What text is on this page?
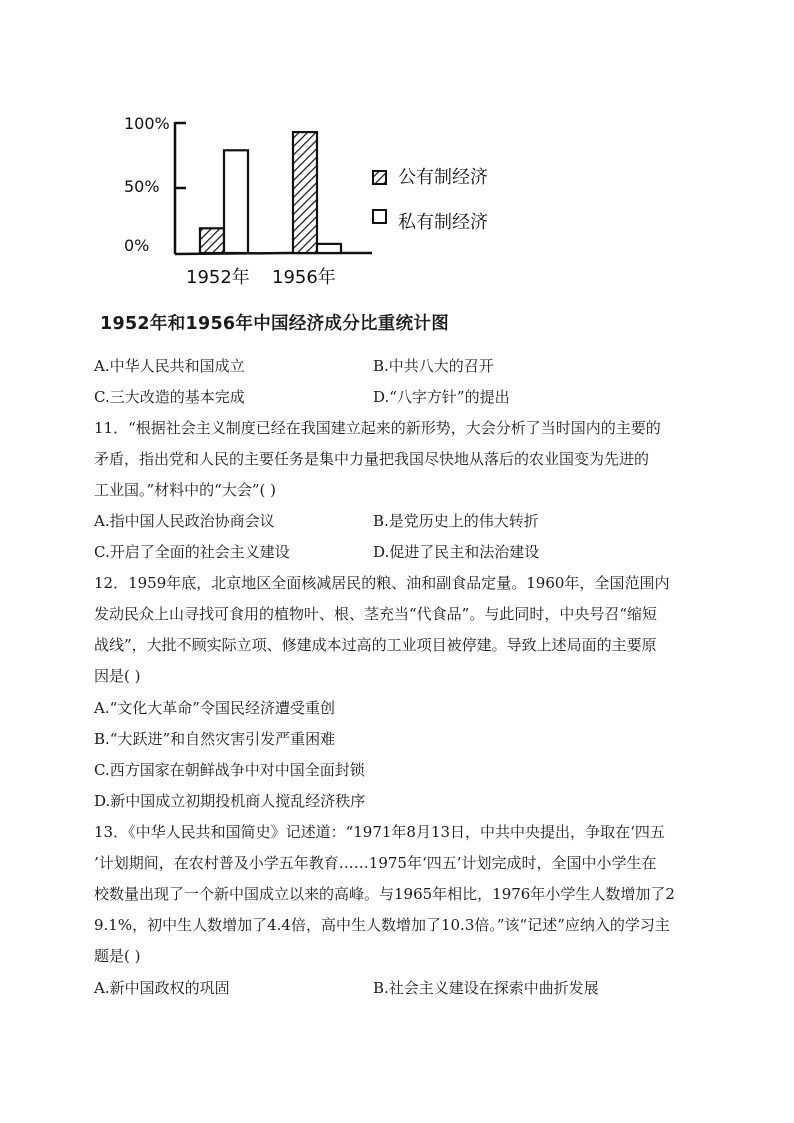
100%
50%
0%
1952年 1956年
公有制经济
私有制经济
1952年和1956年中国经济成分比重统计图
A.中华人民共和国成立	B.中共八大的召开
C.三大改造的基本完成	D.“八字方针”的提出
11．“根据社会主义制度已经在我国建立起来的新形势，大会分析了当时国内的主要的
矛盾，指出党和人民的主要任务是集中力量把我国尽快地从落后的农业国变为先进的
工业国。”材料中的“大会”( )
A.指中国人民政治协商会议	B.是党历史上的伟大转折
C.开启了全面的社会主义建设	D.促进了民主和法治建设
12．1959年底，北京地区全面核减居民的粮、油和副食品定量。1960年，全国范围内
发动民众上山寻找可食用的植物叶、根、茎充当“代食品”。与此同时，中央号召“缩短
战线”，大批不顾实际立项、修建成本过高的工业项目被停建。导致上述局面的主要原
因是( )
A.“文化大革命”令国民经济遭受重创
B.“大跃进”和自然灾害引发严重困难
C.西方国家在朝鲜战争中对中国全面封锁
D.新中国成立初期投机商人搅乱经济秩序
13．《中华人民共和国简史》记述道：“1971年8月13日，中共中央提出，争取在‘四五
’计划期间，在农村普及小学五年教育……1975年‘四五’计划完成时，全国中小学生在
校数量出现了一个新中国成立以来的高峰。与1965年相比，1976年小学生人数增加了2
9.1%，初中生人数增加了4.4倍，高中生人数增加了10.3倍。”该“记述”应纳入的学习主
题是( )
A.新中国政权的巩固	B.社会主义建设在探索中曲折发展
